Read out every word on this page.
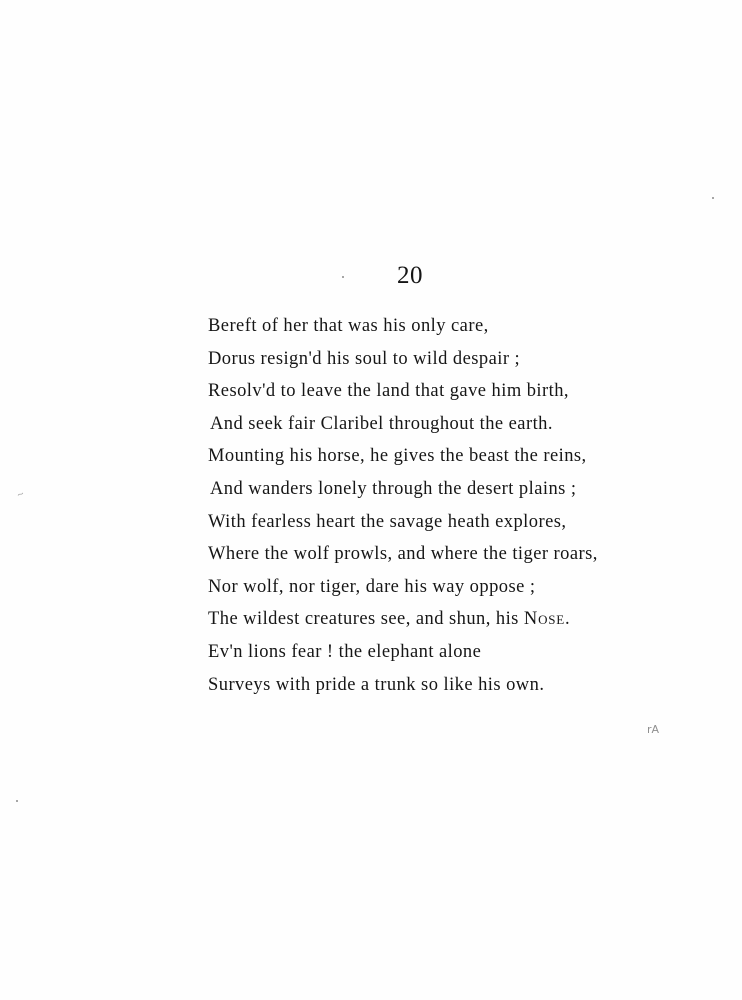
20
Bereft of her that was his only care,
Dorus resign'd his soul to wild despair ;
Resolv'd to leave the land that gave him birth,
And seek fair Claribel throughout the earth.
Mounting his horse, he gives the beast the reins,
And wanders lonely through the desert plains ;
With fearless heart the savage heath explores,
Where the wolf prowls, and where the tiger roars,
Nor wolf, nor tiger, dare his way oppose ;
The wildest creatures see, and shun, his Nose.
Ev'n lions fear ! the elephant alone
Surveys with pride a trunk so like his own.
~
rA
